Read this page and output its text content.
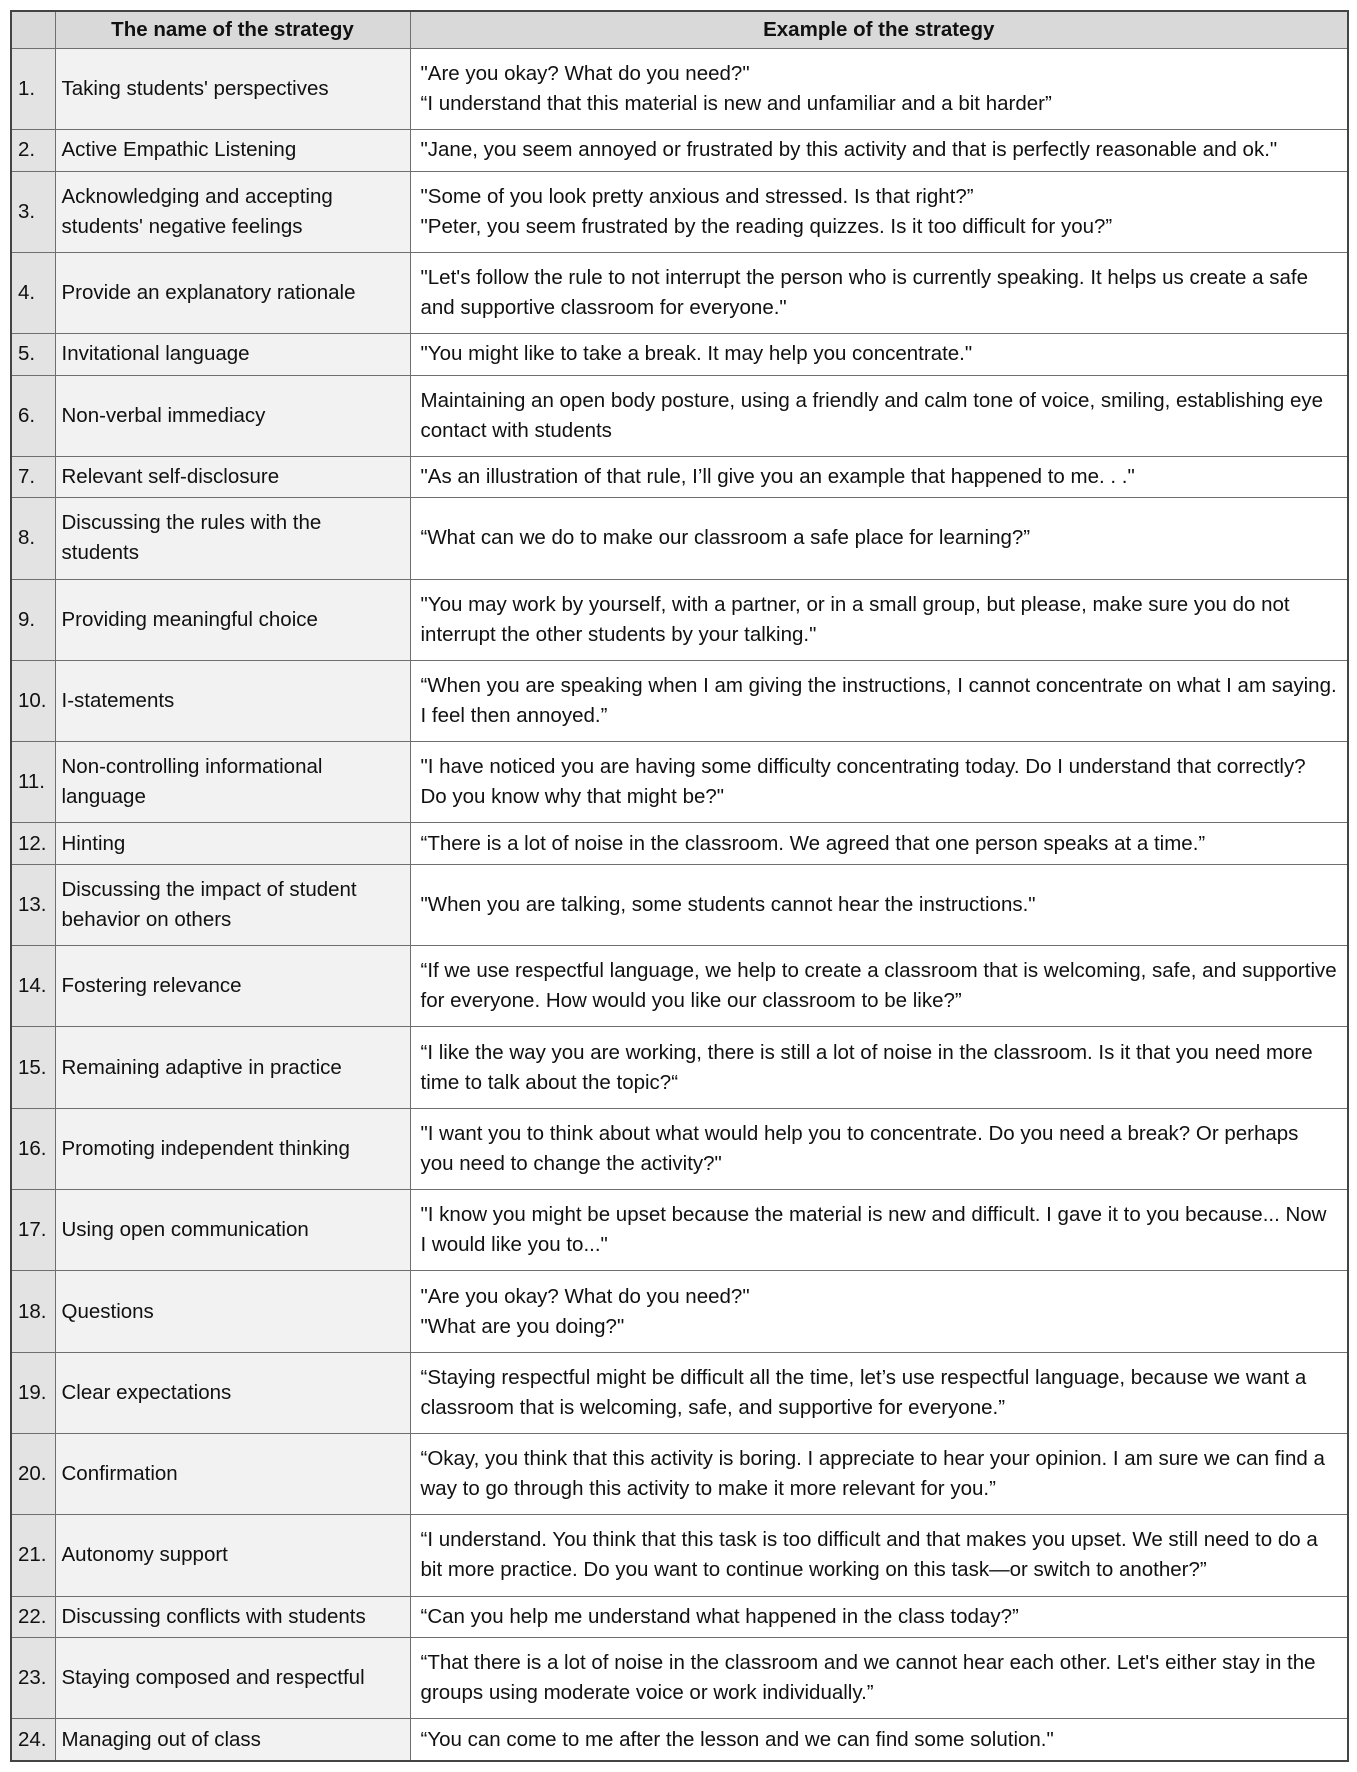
	The name of the strategy	Example of the strategy
1.	Taking students' perspectives	"Are you okay? What do you need?"
“I understand that this material is new and unfamiliar and a bit harder”
2.	Active Empathic Listening	"Jane, you seem annoyed or frustrated by this activity and that is perfectly reasonable and ok."
3.	Acknowledging and accepting students' negative feelings	"Some of you look pretty anxious and stressed. Is that right?”
"Peter, you seem frustrated by the reading quizzes. Is it too difficult for you?”
4.	Provide an explanatory rationale	"Let's follow the rule to not interrupt the person who is currently speaking. It helps us create a safe and supportive classroom for everyone."
5.	Invitational language	"You might like to take a break. It may help you concentrate."
6.	Non-verbal immediacy	Maintaining an open body posture, using a friendly and calm tone of voice, smiling, establishing eye contact with students
7.	Relevant self-disclosure	"As an illustration of that rule, I’ll give you an example that happened to me. . ."
8.	Discussing the rules with the students	“What can we do to make our classroom a safe place for learning?”
9.	Providing meaningful choice	"You may work by yourself, with a partner, or in a small group, but please, make sure you do not interrupt the other students by your talking."
10.	I-statements	“When you are speaking when I am giving the instructions, I cannot concentrate on what I am saying. I feel then annoyed.”
11.	Non-controlling informational language	"I have noticed you are having some difficulty concentrating today. Do I understand that correctly? Do you know why that might be?"
12.	Hinting	“There is a lot of noise in the classroom. We agreed that one person speaks at a time.”
13.	Discussing the impact of student behavior on others	"When you are talking, some students cannot hear the instructions."
14.	Fostering relevance	“If we use respectful language, we help to create a classroom that is welcoming, safe, and supportive for everyone. How would you like our classroom to be like?”
15.	Remaining adaptive in practice	“I like the way you are working, there is still a lot of noise in the classroom. Is it that you need more time to talk about the topic?“
16.	Promoting independent thinking	"I want you to think about what would help you to concentrate. Do you need a break? Or perhaps you need to change the activity?"
17.	Using open communication	"I know you might be upset because the material is new and difficult. I gave it to you because... Now I would like you to..."
18.	Questions	"Are you okay? What do you need?"
"What are you doing?"
19.	Clear expectations	“Staying respectful might be difficult all the time, let’s use respectful language, because we want a classroom that is welcoming, safe, and supportive for everyone.”
20.	Confirmation	“Okay, you think that this activity is boring. I appreciate to hear your opinion. I am sure we can find a way to go through this activity to make it more relevant for you.”
21.	Autonomy support	“I understand. You think that this task is too difficult and that makes you upset. We still need to do a bit more practice. Do you want to continue working on this task—or switch to another?”
22.	Discussing conflicts with students	“Can you help me understand what happened in the class today?”
23.	Staying composed and respectful	“That there is a lot of noise in the classroom and we cannot hear each other. Let's either stay in the groups using moderate voice or work individually.”
24.	Managing out of class	“You can come to me after the lesson and we can find some solution."
